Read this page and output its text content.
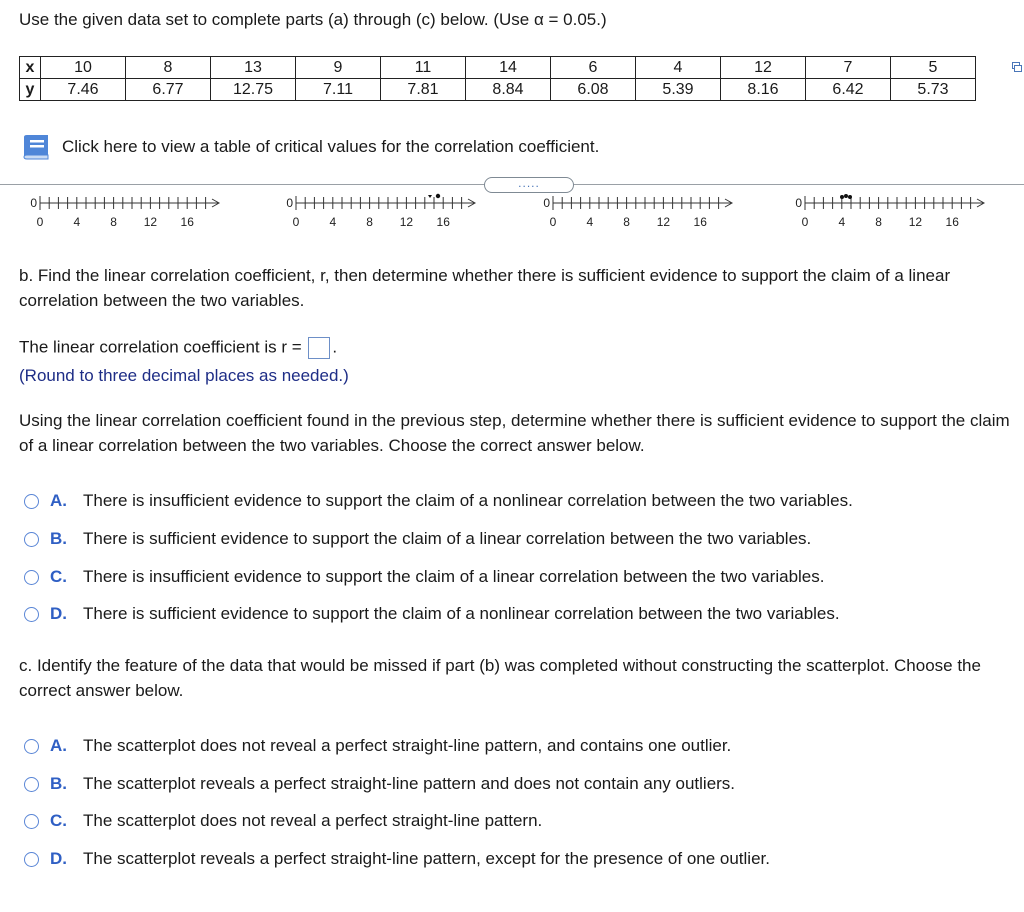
Use the given data set to complete parts (a) through (c) below. (Use α = 0.05.)
x	10	8	13	9	11	14	6	4	12	7	5
y	7.46	6.77	12.75	7.11	7.81	8.84	6.08	5.39	8.16	6.42	5.73
Click here to view a table of critical values for the correlation coefficient.
.....
0	4	8 12 16
0
0	4	8 12 16
0
0	4	8 12 16
0
0	4	8 12 16
0
b. Find the linear correlation coefficient, r, then determine whether there is sufficient evidence to support the claim of a linear correlation between the two variables.
The linear correlation coefficient is r = .
(Round to three decimal places as needed.)
Using the linear correlation coefficient found in the previous step, determine whether there is sufficient evidence to support the claim of a linear correlation between the two variables. Choose the correct answer below.
A. There is insufficient evidence to support the claim of a nonlinear correlation between the two variables.
B. There is sufficient evidence to support the claim of a linear correlation between the two variables.
C. There is insufficient evidence to support the claim of a linear correlation between the two variables.
D. There is sufficient evidence to support the claim of a nonlinear correlation between the two variables.
c. Identify the feature of the data that would be missed if part (b) was completed without constructing the scatterplot. Choose the correct answer below.
A. The scatterplot does not reveal a perfect straight-line pattern, and contains one outlier.
B. The scatterplot reveals a perfect straight-line pattern and does not contain any outliers.
C. The scatterplot does not reveal a perfect straight-line pattern.
D. The scatterplot reveals a perfect straight-line pattern, except for the presence of one outlier.
